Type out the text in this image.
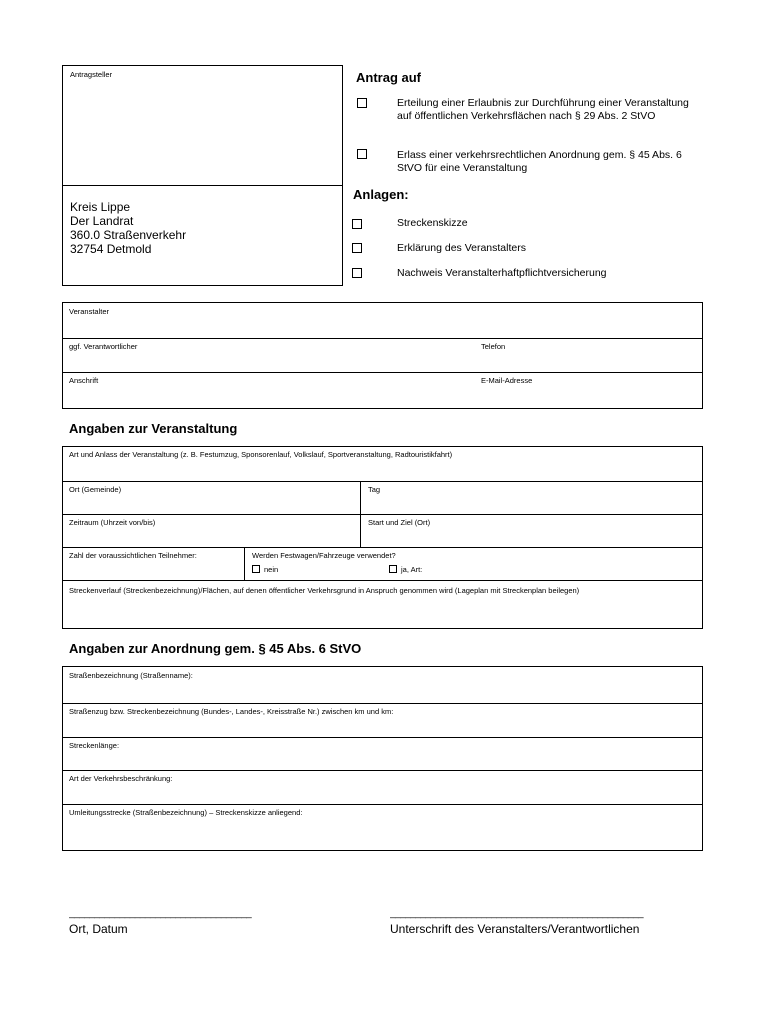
Antragsteller
Kreis Lippe
Der Landrat
360.0 Straßenverkehr
32754 Detmold
Antrag auf
Erteilung einer Erlaubnis zur Durchführung einer Veranstaltung auf öffentlichen Verkehrsflächen nach § 29 Abs. 2 StVO
Erlass einer verkehrsrechtlichen Anordnung gem. § 45 Abs. 6 StVO für eine Veranstaltung
Anlagen:
Streckenskizze
Erklärung des Veranstalters
Nachweis Veranstalterhaftpflichtversicherung
Veranstalter
ggf. Verantwortlicher	Telefon
Anschrift	E-Mail-Adresse
Angaben zur Veranstaltung
Art und Anlass der Veranstaltung (z. B. Festumzug, Sponsorenlauf, Volkslauf, Sportveranstaltung, Radtouristikfahrt)
Ort (Gemeinde)	Tag
Zeitraum (Uhrzeit von/bis)	Start und Ziel (Ort)
Zahl der voraussichtlichen Teilnehmer:	Werden Festwagen/Fahrzeuge verwendet?
nein	ja, Art:
Streckenverlauf (Streckenbezeichnung)/Flächen, auf denen öffentlicher Verkehrsgrund in Anspruch genommen wird (Lageplan mit Streckenplan beilegen)
Angaben zur Anordnung gem. § 45 Abs. 6 StVO
Straßenbezeichnung (Straßenname):
Straßenzug bzw. Streckenbezeichnung (Bundes-, Landes-, Kreisstraße Nr.) zwischen km und km:
Streckenlänge:
Art der Verkehrsbeschränkung:
Umleitungsstrecke (Straßenbezeichnung) – Streckenskizze anliegend:
____________________________________
Ort, Datum
__________________________________________________
Unterschrift des Veranstalters/Verantwortlichen
